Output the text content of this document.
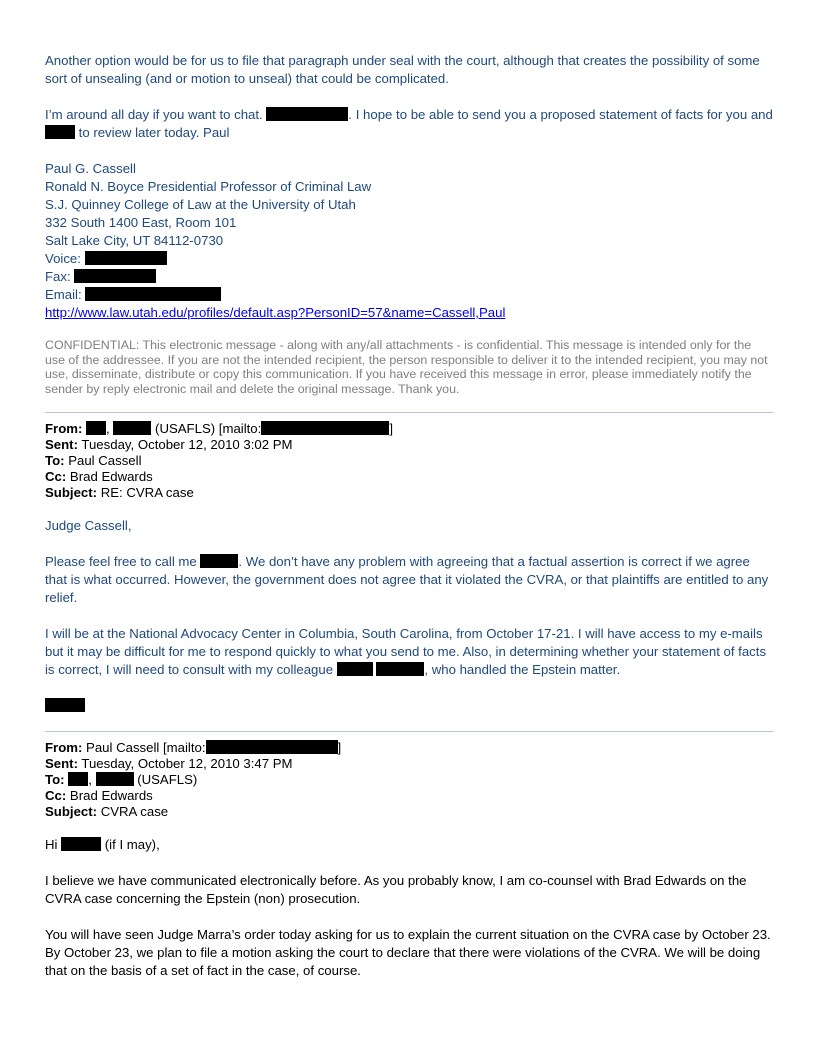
Another option would be for us to file that paragraph under seal with the court, although that creates the possibility of some sort of unsealing (and or motion to unseal) that could be complicated.

I’m around all day if you want to chat.	. I hope to be able to send you a proposed statement of facts for you and  to review later today. Paul

Paul G. Cassell
Ronald N. Boyce Presidential Professor of Criminal Law
S.J. Quinney College of Law at the University of Utah
332 South 1400 East, Room 101
Salt Lake City, UT 84112-0730
Voice:
Fax:
Email:
http://www.law.utah.edu/profiles/default.asp?PersonID=57&name=Cassell,Paul

CONFIDENTIAL: This electronic message - along with any/all attachments - is confidential. This message is intended only for the use of the addressee. If you are not the intended recipient, the person responsible to deliver it to the intended recipient, you may not use, disseminate, distribute or copy this communication. If you have received this message in error, please immediately notify the sender by reply electronic mail and delete the original message. Thank you.

From: ,	(USAFLS) [mailto:	]
Sent: Tuesday, October 12, 2010 3:02 PM
To: Paul Cassell
Cc: Brad Edwards
Subject: RE: CVRA case

Judge Cassell,

Please feel free to call me	. We don’t have any problem with agreeing that a factual assertion is correct if we agree that is what occurred. However, the government does not agree that it violated the CVRA, or that plaintiffs are entitled to any relief.

I will be at the National Advocacy Center in Columbia, South Carolina, from October 17-21. I will have access to my e-mails but it may be difficult for me to respond quickly to what you send to me. Also, in determining whether your statement of facts is correct, I will need to consult with my colleague	, who handled the Epstein matter.

From: Paul Cassell [mailto:	]
Sent: Tuesday, October 12, 2010 3:47 PM
To: ,	(USAFLS)
Cc: Brad Edwards
Subject: CVRA case

Hi	(if I may),

I believe we have communicated electronically before. As you probably know, I am co-counsel with Brad Edwards on the CVRA case concerning the Epstein (non) prosecution.

You will have seen Judge Marra’s order today asking for us to explain the current situation on the CVRA case by October 23. By October 23, we plan to file a motion asking the court to declare that there were violations of the CVRA. We will be doing that on the basis of a set of fact in the case, of course.
